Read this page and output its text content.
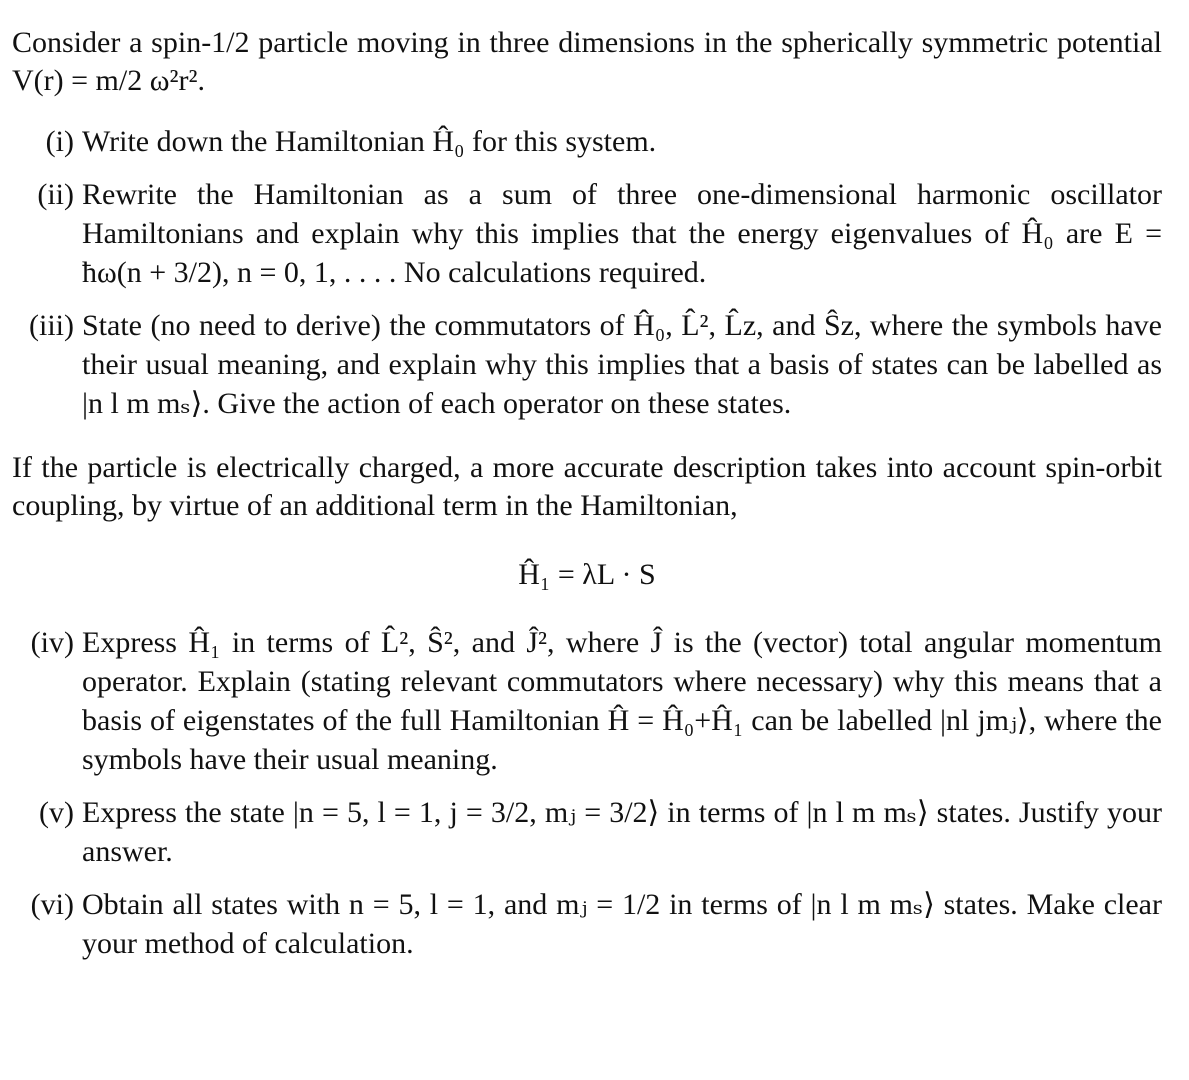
Consider a spin-1/2 particle moving in three dimensions in the spherically symmetric potential V(r) = m/2 ω²r².

(i) Write down the Hamiltonian Ĥ₀ for this system.
(ii) Rewrite the Hamiltonian as a sum of three one-dimensional harmonic oscillator Hamiltonians and explain why this implies that the energy eigenvalues of Ĥ₀ are E = ħω(n + 3/2), n = 0, 1, . . . . No calculations required.
(iii) State (no need to derive) the commutators of Ĥ₀, L̂², L̂z, and Ŝz, where the symbols have their usual meaning, and explain why this implies that a basis of states can be labelled as |n l m mₛ⟩. Give the action of each operator on these states.

If the particle is electrically charged, a more accurate description takes into account spin-orbit coupling, by virtue of an additional term in the Hamiltonian,

Ĥ₁ = λL · S
(iv) Express Ĥ₁ in terms of L̂², Ŝ², and Ĵ², where Ĵ is the (vector) total angular momentum operator. Explain (stating relevant commutators where necessary) why this means that a basis of eigenstates of the full Hamiltonian Ĥ = Ĥ₀+Ĥ₁ can be labelled |nl jmⱼ⟩, where the symbols have their usual meaning.
(v) Express the state |n = 5, l = 1, j = 3/2, mⱼ = 3/2⟩ in terms of |n l m mₛ⟩ states. Justify your answer.
(vi) Obtain all states with n = 5, l = 1, and mⱼ = 1/2 in terms of |n l m mₛ⟩ states. Make clear your method of calculation.
